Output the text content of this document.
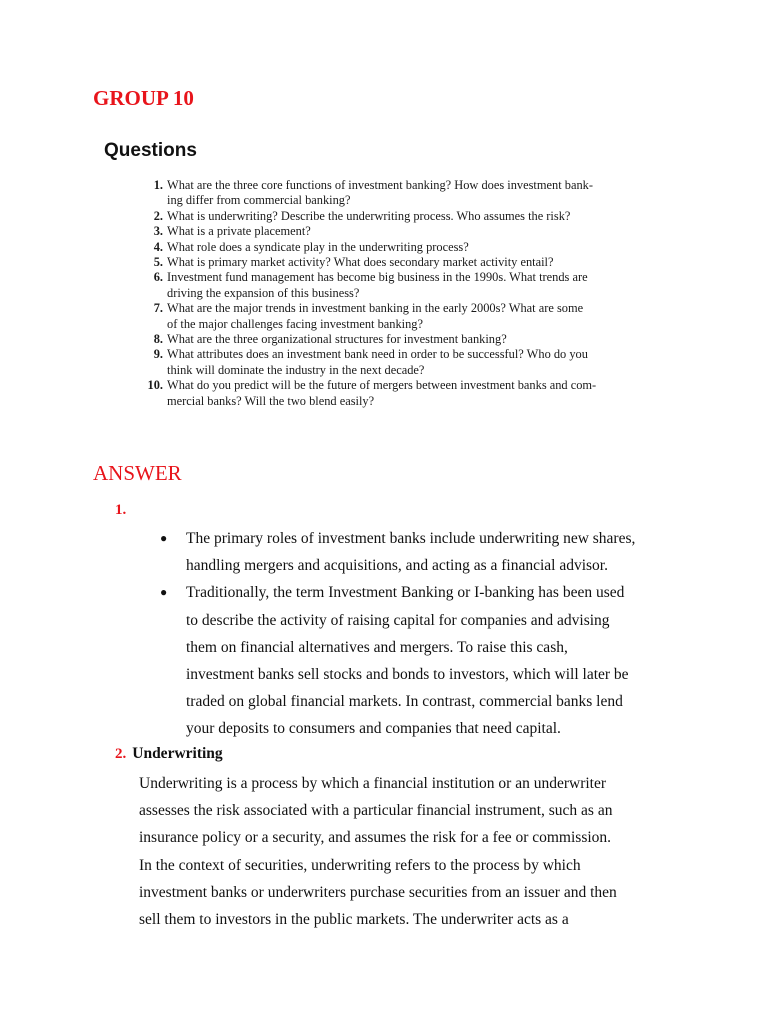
GROUP 10
Questions
1. What are the three core functions of investment banking? How does investment bank-
ing differ from commercial banking?
2. What is underwriting? Describe the underwriting process. Who assumes the risk?
3. What is a private placement?
4. What role does a syndicate play in the underwriting process?
5. What is primary market activity? What does secondary market activity entail?
6. Investment fund management has become big business in the 1990s. What trends are
driving the expansion of this business?
7. What are the major trends in investment banking in the early 2000s? What are some
of the major challenges facing investment banking?
8. What are the three organizational structures for investment banking?
9. What attributes does an investment bank need in order to be successful? Who do you
think will dominate the industry in the next decade?
10. What do you predict will be the future of mergers between investment banks and com-
mercial banks? Will the two blend easily?
ANSWER
1.
●	The primary roles of investment banks include underwriting new shares,
handling mergers and acquisitions, and acting as a financial advisor.
●	Traditionally, the term Investment Banking or I-banking has been used
to describe the activity of raising capital for companies and advising
them on financial alternatives and mergers. To raise this cash,
investment banks sell stocks and bonds to investors, which will later be
traded on global financial markets. In contrast, commercial banks lend
your deposits to consumers and companies that need capital.
2. Underwriting

Underwriting is a process by which a financial institution or an underwriter
assesses the risk associated with a particular financial instrument, such as an
insurance policy or a security, and assumes the risk for a fee or commission.
In the context of securities, underwriting refers to the process by which
investment banks or underwriters purchase securities from an issuer and then
sell them to investors in the public markets. The underwriter acts as a
